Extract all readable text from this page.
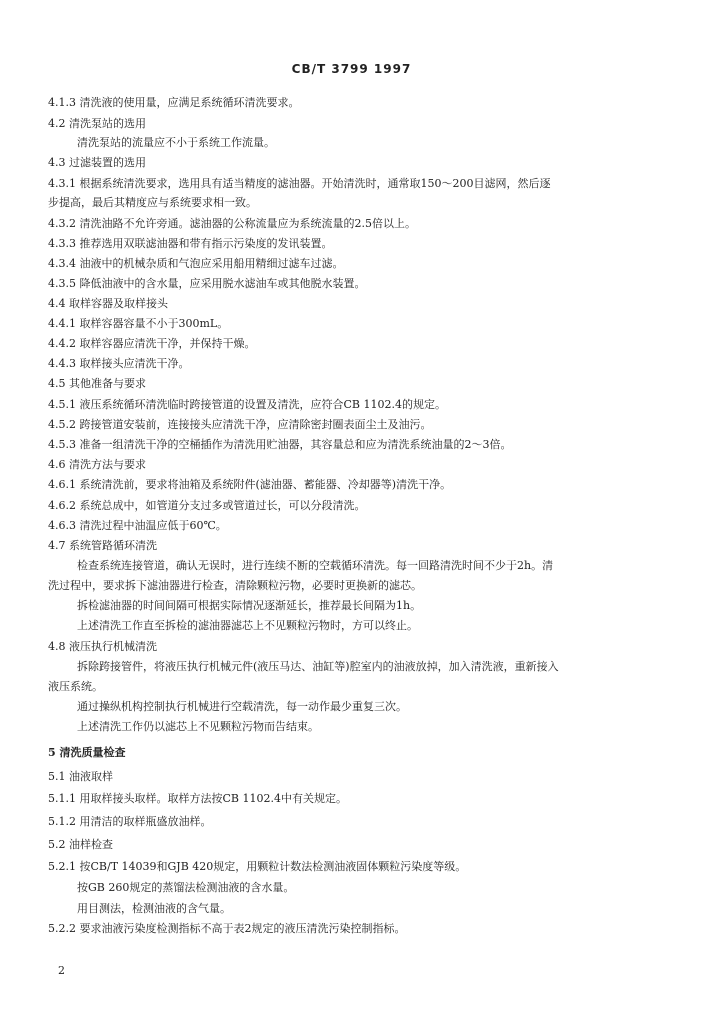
CB/T 3799 1997
4.1.3 清洗液的使用量，应满足系统循环清洗要求。
4.2 清洗泵站的选用
清洗泵站的流量应不小于系统工作流量。
4.3 过滤装置的选用
4.3.1 根据系统清洗要求，选用具有适当精度的滤油器。开始清洗时，通常取150～200目滤网，然后逐
步提高，最后其精度应与系统要求相一致。
4.3.2 清洗油路不允许旁通。滤油器的公称流量应为系统流量的2.5倍以上。
4.3.3 推荐选用双联滤油器和带有指示污染度的发讯装置。
4.3.4 油液中的机械杂质和气泡应采用船用精细过滤车过滤。
4.3.5 降低油液中的含水量，应采用脱水滤油车或其他脱水装置。
4.4 取样容器及取样接头
4.4.1 取样容器容量不小于300mL。
4.4.2 取样容器应清洗干净，并保持干燥。
4.4.3 取样接头应清洗干净。
4.5 其他准备与要求
4.5.1 液压系统循环清洗临时跨接管道的设置及清洗，应符合CB 1102.4的规定。
4.5.2 跨接管道安装前，连接接头应清洗干净，应清除密封圈表面尘土及油污。
4.5.3 准备一组清洗干净的空桶插作为清洗用贮油器，其容量总和应为清洗系统油量的2～3倍。
4.6 清洗方法与要求
4.6.1 系统清洗前，要求将油箱及系统附件(滤油器、蓄能器、冷却器等)清洗干净。
4.6.2 系统总成中，如管道分支过多或管道过长，可以分段清洗。
4.6.3 清洗过程中油温应低于60℃。
4.7 系统管路循环清洗
检查系统连接管道，确认无误时，进行连续不断的空载循环清洗。每一回路清洗时间不少于2h。清
洗过程中，要求拆下滤油器进行检查，清除颗粒污物，必要时更换新的滤芯。
拆检滤油器的时间间隔可根据实际情况逐渐延长，推荐最长间隔为1h。
上述清洗工作直至拆检的滤油器滤芯上不见颗粒污物时，方可以终止。
4.8 液压执行机械清洗
拆除跨接管件，将液压执行机械元件(液压马达、油缸等)腔室内的油液放掉，加入清洗液，重新接入
液压系统。
通过操纵机构控制执行机械进行空载清洗，每一动作最少重复三次。
上述清洗工作仍以滤芯上不见颗粒污物而告结束。
5 清洗质量检查
5.1 油液取样
5.1.1 用取样接头取样。取样方法按CB 1102.4中有关规定。
5.1.2 用清洁的取样瓶盛放油样。
5.2 油样检查
5.2.1 按CB/T 14039和GJB 420规定，用颗粒计数法检测油液固体颗粒污染度等级。
按GB 260规定的蒸馏法检测油液的含水量。
用目测法，检测油液的含气量。
5.2.2 要求油液污染度检测指标不高于表2规定的液压清洗污染控制指标。
2
